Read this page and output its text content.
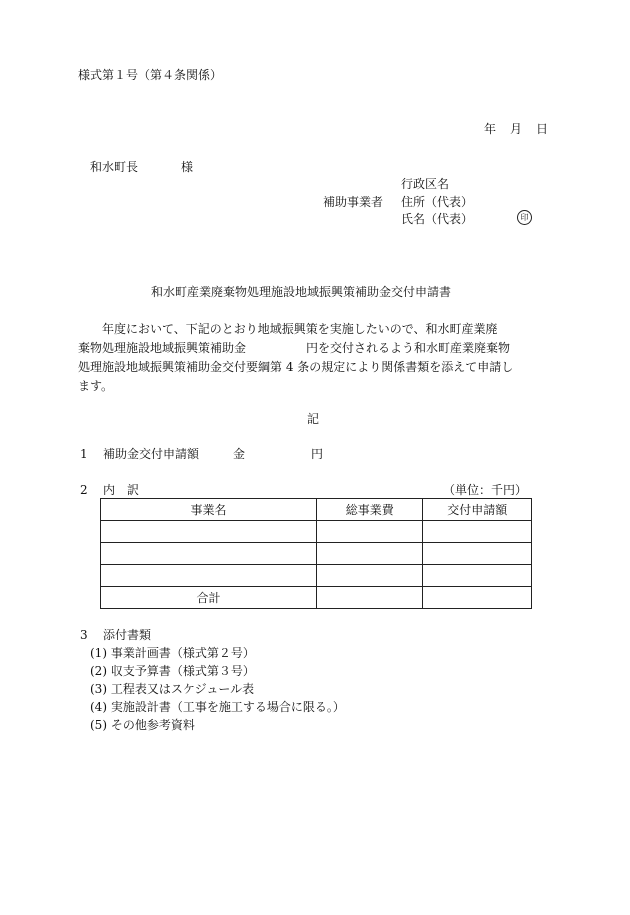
様式第１号（第４条関係）
年 月 日
和水町長	様
行政区名
補助事業者 住所（代表）
氏名（代表）	印
和水町産業廃棄物処理施設地域振興策補助金交付申請書
　　年度において、下記のとおり地域振興策を実施したいので、和水町産業廃
棄物処理施設地域振興策補助金　　　　　円を交付されるよう和水町産業廃棄物
処理施設地域振興策補助金交付要綱第 4 条の規定により関係書類を添えて申請し
ます。
記
1 補助金交付申請額	金	円
2 内　訳	（単位：千円）
事業名	総事業費	交付申請額

合計		
3 添付書類
(1) 事業計画書（様式第２号）
(2) 収支予算書（様式第３号）
(3) 工程表又はスケジュール表
(4) 実施設計書（工事を施工する場合に限る。）
(5) その他参考資料
